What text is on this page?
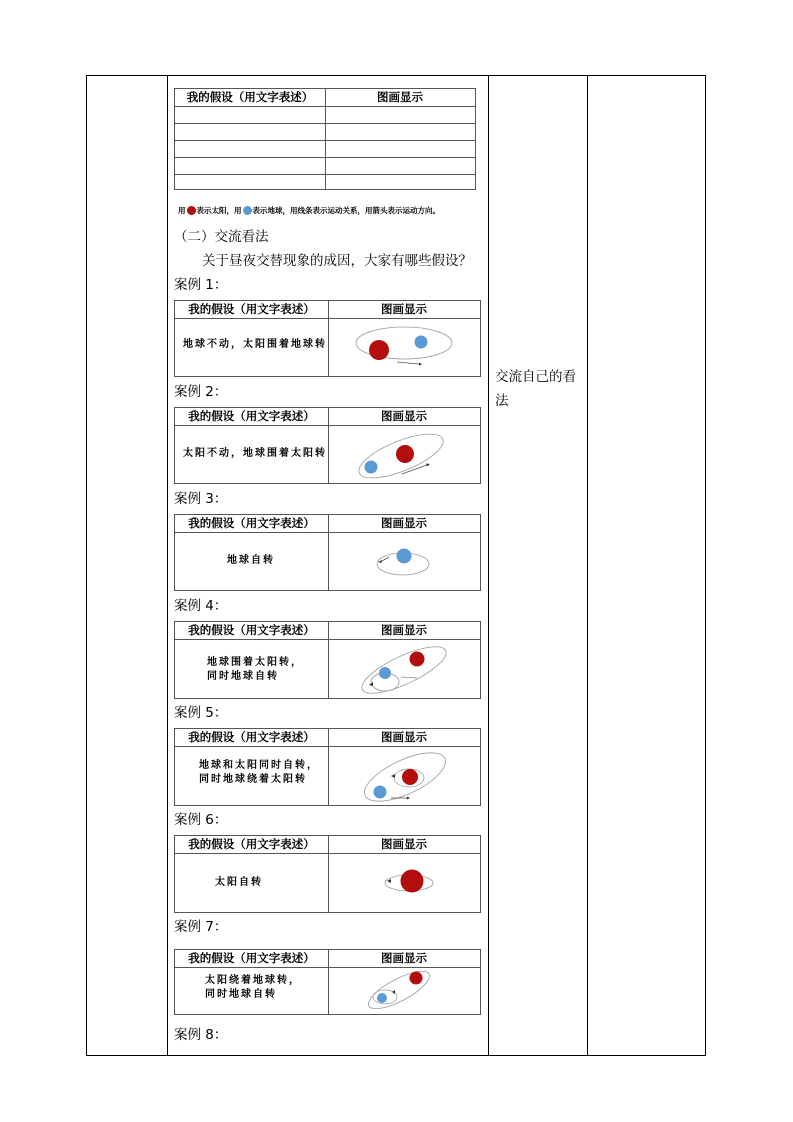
我的假设（用文字表述）	图画显示
用 表示太阳，用 表示地球，用线条表示运动关系，用箭头表示运动方向。
（二）交流看法
关于昼夜交替现象的成因，大家有哪些假设？
案例 1：
案例 2：
案例 3：
案例 4：
案例 5：
案例 6：
案例 7：
案例 8：
我的假设（用文字表述）	图画显示
地球不动，太阳围着地球转
我的假设（用文字表述）	图画显示
太阳不动，地球围着太阳转
我的假设（用文字表述）	图画显示
地球自转
我的假设（用文字表述）	图画显示
地球围着太阳转，
同时地球自转
我的假设（用文字表述）	图画显示
地球和太阳同时自转，
同时地球绕着太阳转
我的假设（用文字表述）	图画显示
太阳自转
我的假设（用文字表述）	图画显示
太阳绕着地球转，
同时地球自转
交流自己的看法
